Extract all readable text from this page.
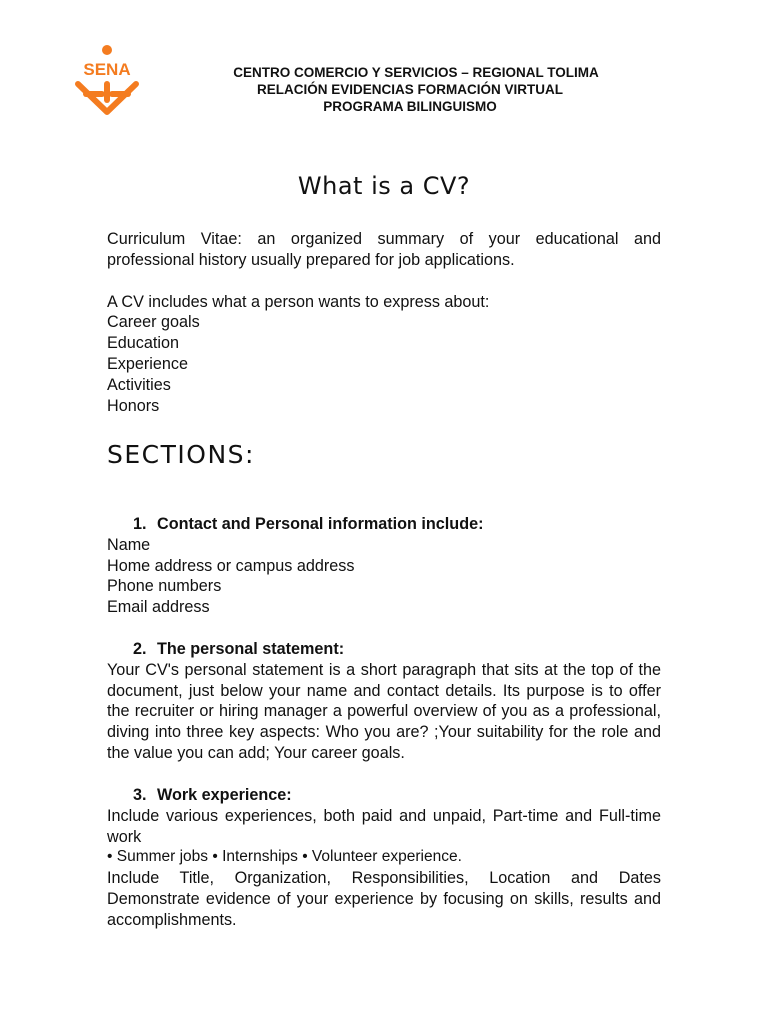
SENA	CENTRO COMERCIO Y SERVICIOS – REGIONAL TOLIMA
RELACIÓN EVIDENCIAS FORMACIÓN VIRTUAL
PROGRAMA BILINGUISMO
What is a CV?

Curriculum Vitae: an organized summary of your educational and professional history usually prepared for job applications.

A CV includes what a person wants to express about:

Career goals
Education
Experience
Activities
Honors
SECTIONS:
1. Contact and Personal information include:
Name
Home address or campus address
Phone numbers
Email address
2. The personal statement:

Your CV's personal statement is a short paragraph that sits at the top of the document, just below your name and contact details. Its purpose is to offer the recruiter or hiring manager a powerful overview of you as a professional, diving into three key aspects: Who you are? ;Your suitability for the role and the value you can add; Your career goals.

3. Work experience:

Include various experiences, both paid and unpaid, Part-time and Full-time work

• Summer jobs • Internships • Volunteer experience.

Include Title, Organization, Responsibilities, Location and Dates Demonstrate evidence of your experience by focusing on skills, results and accomplishments.
